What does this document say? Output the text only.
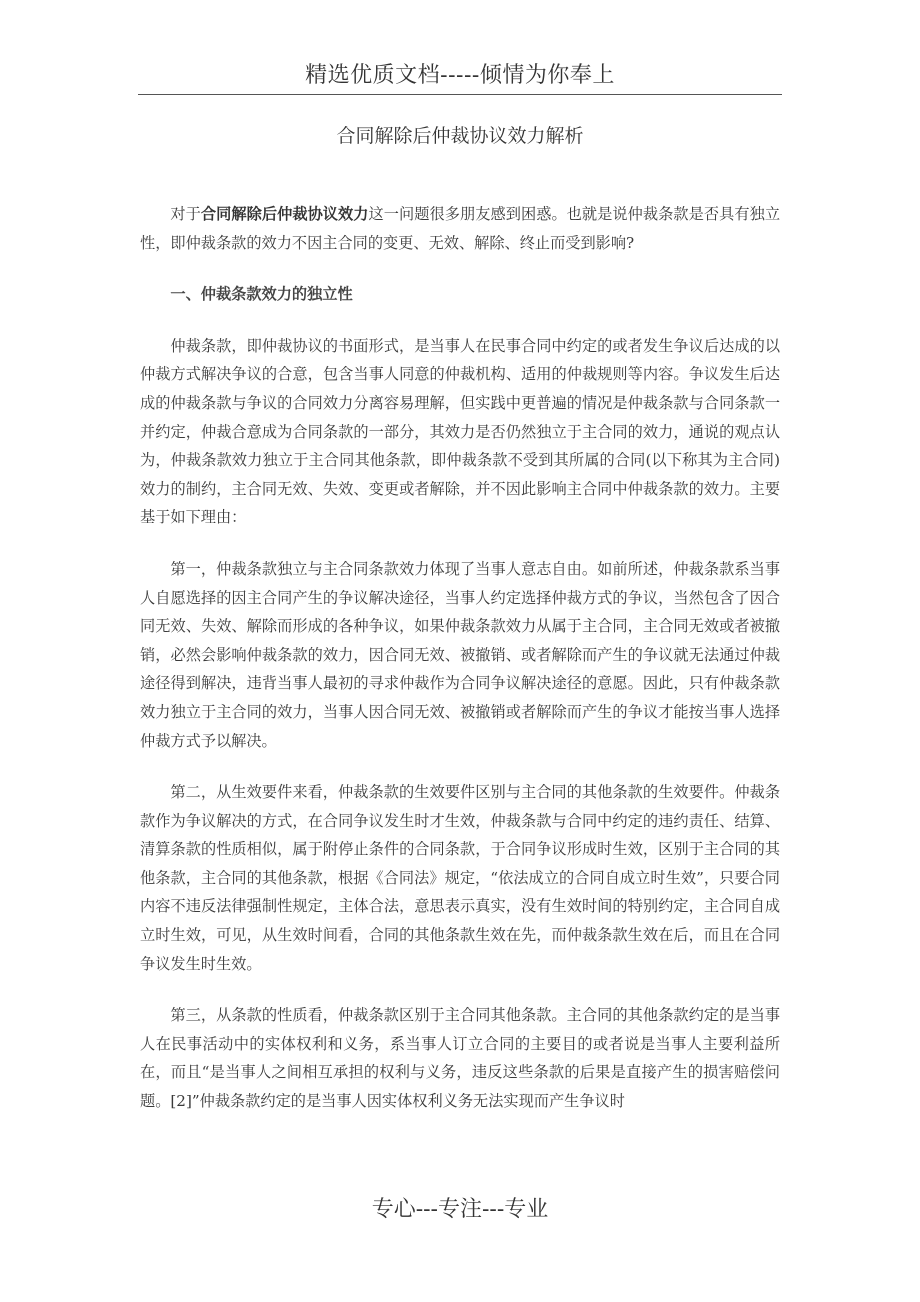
精选优质文档-----倾情为你奉上
合同解除后仲裁协议效力解析

对于合同解除后仲裁协议效力这一问题很多朋友感到困惑。也就是说仲裁条款是否具有独立性，即仲裁条款的效力不因主合同的变更、无效、解除、终止而受到影响?

一、仲裁条款效力的独立性

仲裁条款，即仲裁协议的书面形式，是当事人在民事合同中约定的或者发生争议后达成的以仲裁方式解决争议的合意，包含当事人同意的仲裁机构、适用的仲裁规则等内容。争议发生后达成的仲裁条款与争议的合同效力分离容易理解，但实践中更普遍的情况是仲裁条款与合同条款一并约定，仲裁合意成为合同条款的一部分，其效力是否仍然独立于主合同的效力，通说的观点认为，仲裁条款效力独立于主合同其他条款，即仲裁条款不受到其所属的合同(以下称其为主合同)效力的制约，主合同无效、失效、变更或者解除，并不因此影响主合同中仲裁条款的效力。主要基于如下理由：

第一，仲裁条款独立与主合同条款效力体现了当事人意志自由。如前所述，仲裁条款系当事人自愿选择的因主合同产生的争议解决途径，当事人约定选择仲裁方式的争议，当然包含了因合同无效、失效、解除而形成的各种争议，如果仲裁条款效力从属于主合同，主合同无效或者被撤销，必然会影响仲裁条款的效力，因合同无效、被撤销、或者解除而产生的争议就无法通过仲裁途径得到解决，违背当事人最初的寻求仲裁作为合同争议解决途径的意愿。因此，只有仲裁条款效力独立于主合同的效力，当事人因合同无效、被撤销或者解除而产生的争议才能按当事人选择仲裁方式予以解决。

第二，从生效要件来看，仲裁条款的生效要件区别与主合同的其他条款的生效要件。仲裁条款作为争议解决的方式，在合同争议发生时才生效，仲裁条款与合同中约定的违约责任、结算、清算条款的性质相似，属于附停止条件的合同条款，于合同争议形成时生效，区别于主合同的其他条款，主合同的其他条款，根据《合同法》规定，“依法成立的合同自成立时生效”，只要合同内容不违反法律强制性规定，主体合法，意思表示真实，没有生效时间的特别约定，主合同自成立时生效，可见，从生效时间看，合同的其他条款生效在先，而仲裁条款生效在后，而且在合同争议发生时生效。

第三，从条款的性质看，仲裁条款区别于主合同其他条款。主合同的其他条款约定的是当事人在民事活动中的实体权利和义务，系当事人订立合同的主要目的或者说是当事人主要利益所在，而且“是当事人之间相互承担的权利与义务，违反这些条款的后果是直接产生的损害赔偿问题。[2]”仲裁条款约定的是当事人因实体权利义务无法实现而产生争议时

专心---专注---专业
